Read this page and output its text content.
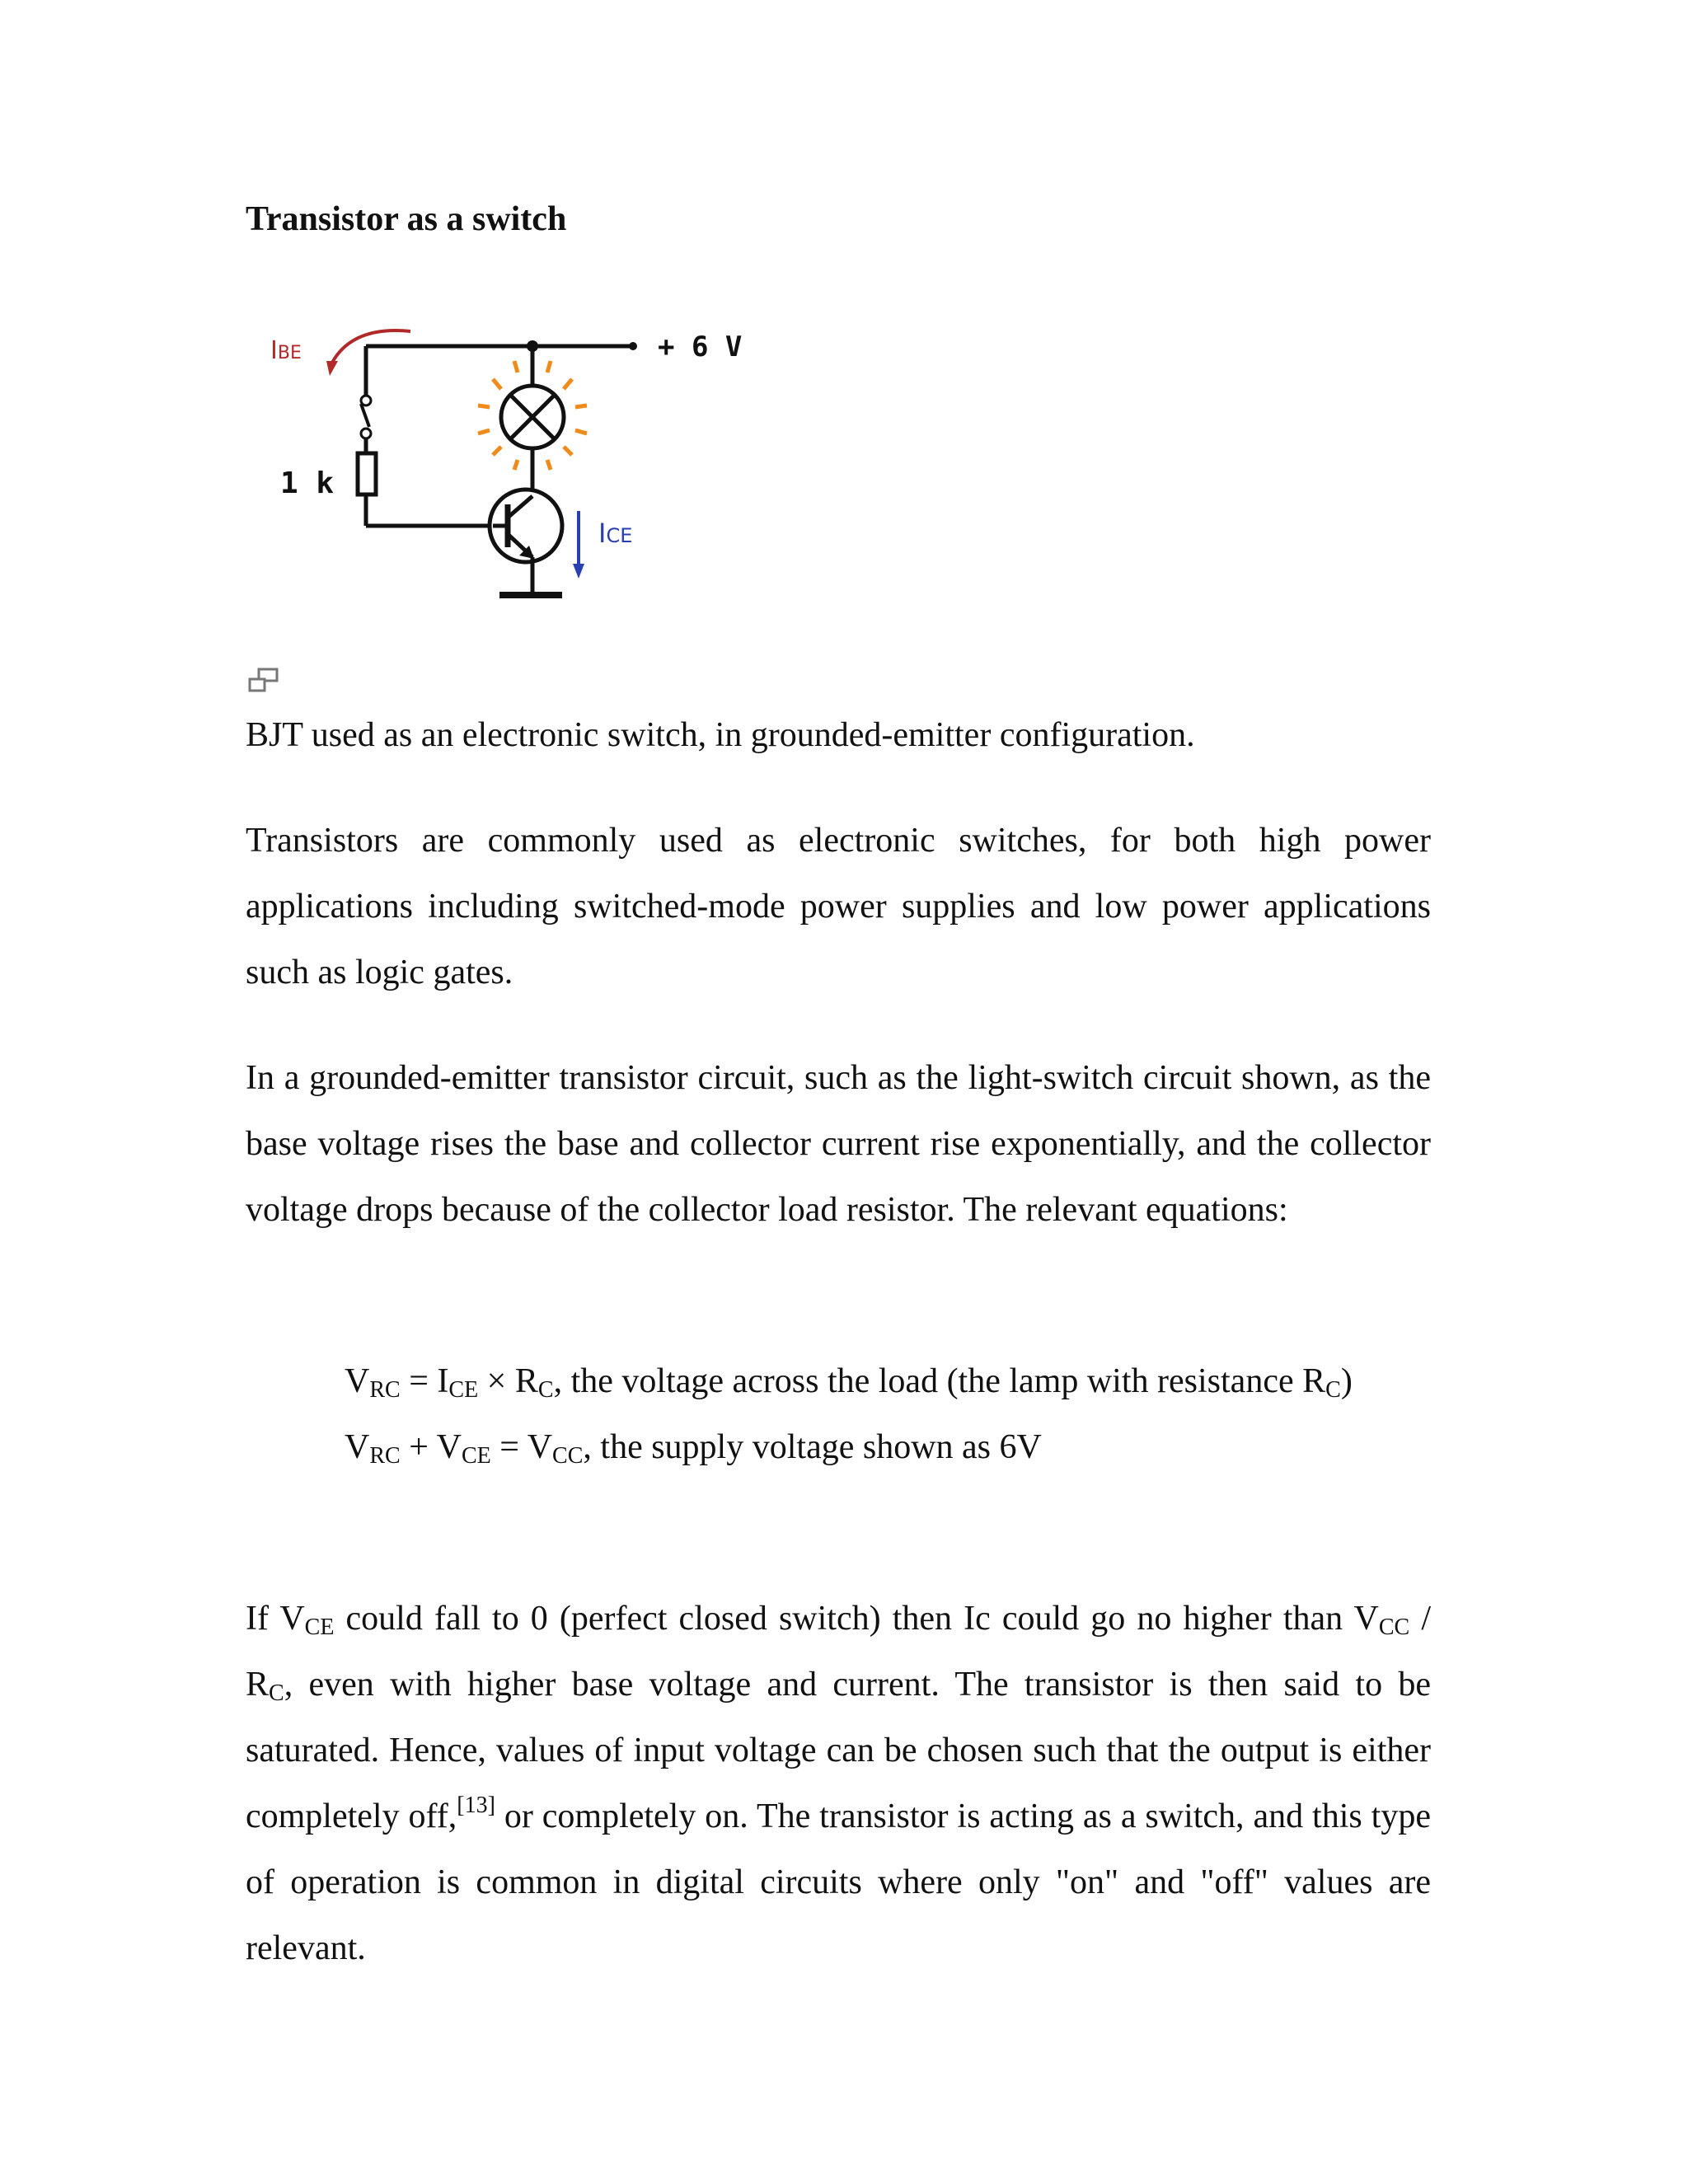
Transistor as a switch
IBE	+ 6 V
1 k
ICE

BJT used as an electronic switch, in grounded-emitter configuration.

Transistors are commonly used as electronic switches, for both high power applications including switched-mode power supplies and low power applications such as logic gates.

In a grounded-emitter transistor circuit, such as the light-switch circuit shown, as the base voltage rises the base and collector current rise exponentially, and the collector voltage drops because of the collector load resistor. The relevant equations:

$V_{RC} = I_{CE} \times R_C$, the voltage across the load (the lamp with resistance $R_C$)

$V_{RC} + V_{CE} = V_{CC}$, the supply voltage shown as 6V

If $V_{CE}$ could fall to 0 (perfect closed switch) then Ic could go no higher than $V_{CC} / R_C$, even with higher base voltage and current. The transistor is then said to be saturated. Hence, values of input voltage can be chosen such that the output is either completely off,[13] or completely on. The transistor is acting as a switch, and this type of operation is common in digital circuits where only "on" and "off" values are relevant.
